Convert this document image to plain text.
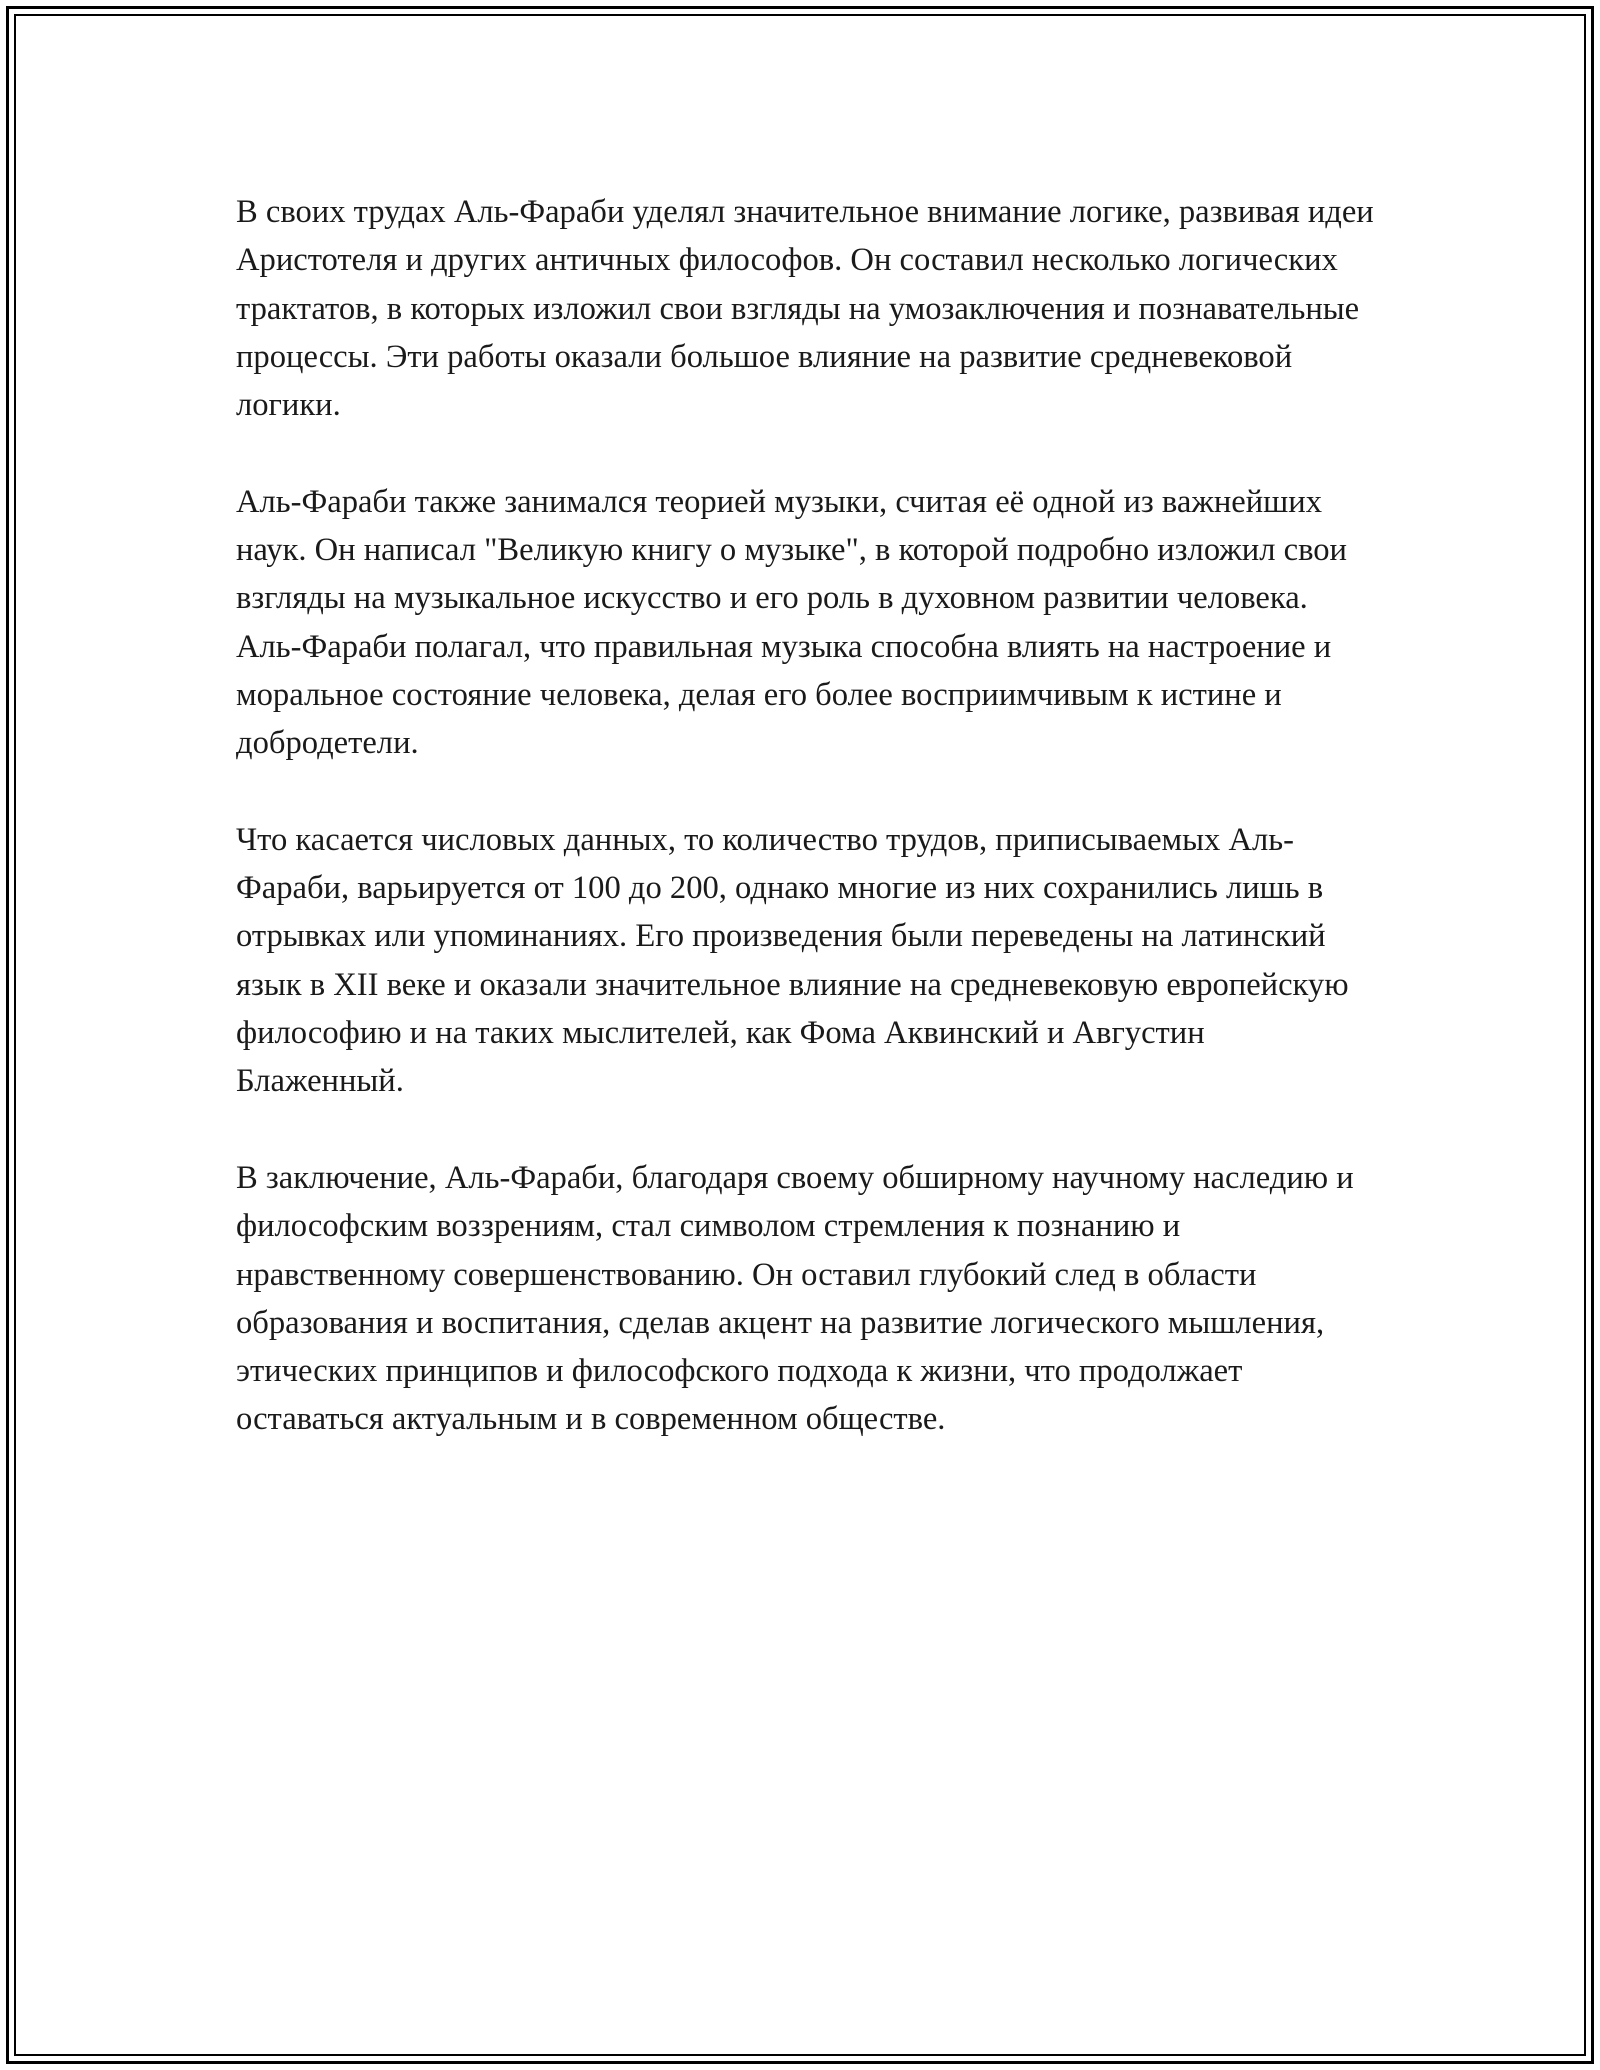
В своих трудах Аль-Фараби уделял значительное внимание логике, развивая идеи Аристотеля и других античных философов. Он составил несколько логических трактатов, в которых изложил свои взгляды на умозаключения и познавательные процессы. Эти работы оказали большое влияние на развитие средневековой логики.

Аль-Фараби также занимался теорией музыки, считая её одной из важнейших наук. Он написал "Великую книгу о музыке", в которой подробно изложил свои взгляды на музыкальное искусство и его роль в духовном развитии человека. Аль-Фараби полагал, что правильная музыка способна влиять на настроение и моральное состояние человека, делая его более восприимчивым к истине и добродетели.

Что касается числовых данных, то количество трудов, приписываемых Аль-Фараби, варьируется от 100 до 200, однако многие из них сохранились лишь в отрывках или упоминаниях. Его произведения были переведены на латинский язык в XII веке и оказали значительное влияние на средневековую европейскую философию и на таких мыслителей, как Фома Аквинский и Августин Блаженный.

В заключение, Аль-Фараби, благодаря своему обширному научному наследию и философским воззрениям, стал символом стремления к познанию и нравственному совершенствованию. Он оставил глубокий след в области образования и воспитания, сделав акцент на развитие логического мышления, этических принципов и философского подхода к жизни, что продолжает оставаться актуальным и в современном обществе.
